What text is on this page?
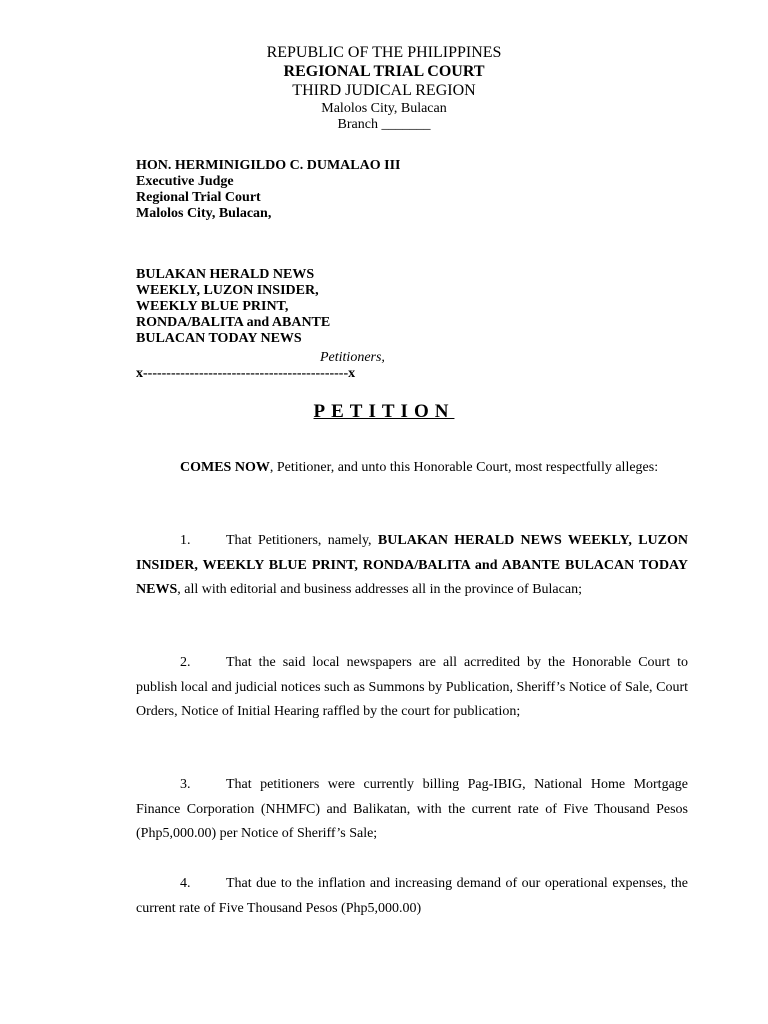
REPUBLIC OF THE PHILIPPINES
REGIONAL TRIAL COURT
THIRD JUDICAL REGION
Malolos City, Bulacan
Branch _______
HON. HERMINIGILDO C. DUMALAO III
Executive Judge
Regional Trial Court
Malolos City, Bulacan,
BULAKAN HERALD NEWS
WEEKLY, LUZON INSIDER,
WEEKLY BLUE PRINT,
RONDA/BALITA and ABANTE
BULACAN TODAY NEWS
Petitioners,
x--------------------------------------------x
PETITION
COMES NOW, Petitioner, and unto this Honorable Court, most respectfully alleges:
1.	That Petitioners, namely, BULAKAN HERALD NEWS WEEKLY, LUZON INSIDER, WEEKLY BLUE PRINT, RONDA/BALITA and ABANTE BULACAN TODAY NEWS, all with editorial and business addresses all in the province of Bulacan;
2.	That the said local newspapers are all acrredited by the Honorable Court to publish local and judicial notices such as Summons by Publication, Sheriff’s Notice of Sale, Court Orders, Notice of Initial Hearing raffled by the court for publication;
3.	That petitioners were currently billing Pag-IBIG, National Home Mortgage Finance Corporation (NHMFC) and Balikatan, with the current rate of Five Thousand Pesos (Php5,000.00) per Notice of Sheriff’s Sale;
4.	That due to the inflation and increasing demand of our operational expenses, the current rate of Five Thousand Pesos (Php5,000.00)
